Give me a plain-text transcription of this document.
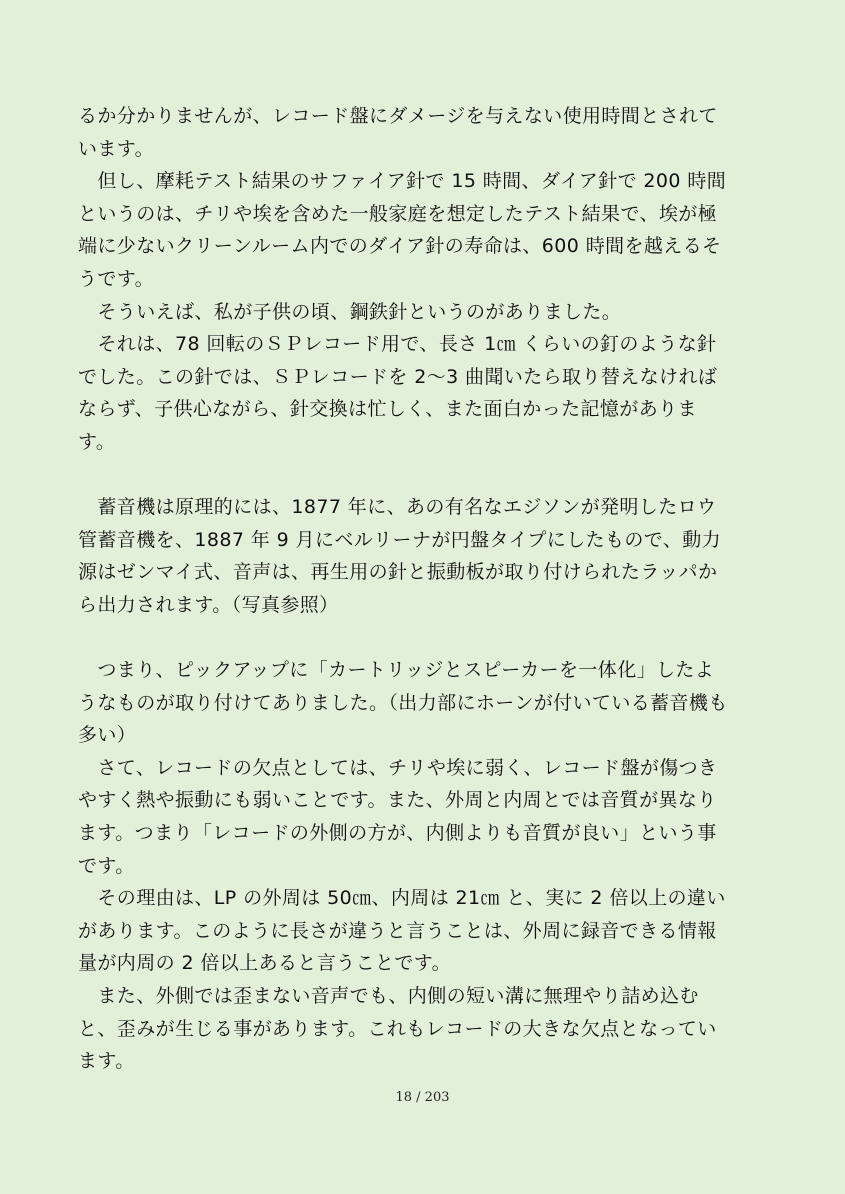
るか分かりませんが、レコード盤にダメージを与えない使用時間とされています。

　但し、摩耗テスト結果のサファイア針で 15 時間、ダイア針で 200 時間というのは、チリや埃を含めた一般家庭を想定したテスト結果で、埃が極端に少ないクリーンルーム内でのダイア針の寿命は、600 時間を越えるそうです。

　そういえば、私が子供の頃、鋼鉄針というのがありました。

　それは、78 回転のＳＰレコード用で、長さ 1㎝ くらいの釘のような針でした。この針では、ＳＰレコードを 2～3 曲聞いたら取り替えなければならず、子供心ながら、針交換は忙しく、また面白かった記憶があります。

　蓄音機は原理的には、1877 年に、あの有名なエジソンが発明したロウ管蓄音機を、1887 年 9 月にベルリーナが円盤タイプにしたもので、動力源はゼンマイ式、音声は、再生用の針と振動板が取り付けられたラッパから出力されます。（写真参照）

　つまり、ピックアップに「カートリッジとスピーカーを一体化」したようなものが取り付けてありました。（出力部にホーンが付いている蓄音機も多い）

　さて、レコードの欠点としては、チリや埃に弱く、レコード盤が傷つきやすく熱や振動にも弱いことです。また、外周と内周とでは音質が異なります。つまり「レコードの外側の方が、内側よりも音質が良い」という事です。

　その理由は、LP の外周は 50㎝、内周は 21㎝ と、実に 2 倍以上の違いがあります。このように長さが違うと言うことは、外周に録音できる情報量が内周の 2 倍以上あると言うことです。

　また、外側では歪まない音声でも、内側の短い溝に無理やり詰め込むと、歪みが生じる事があります。これもレコードの大きな欠点となっています。

18 / 203
